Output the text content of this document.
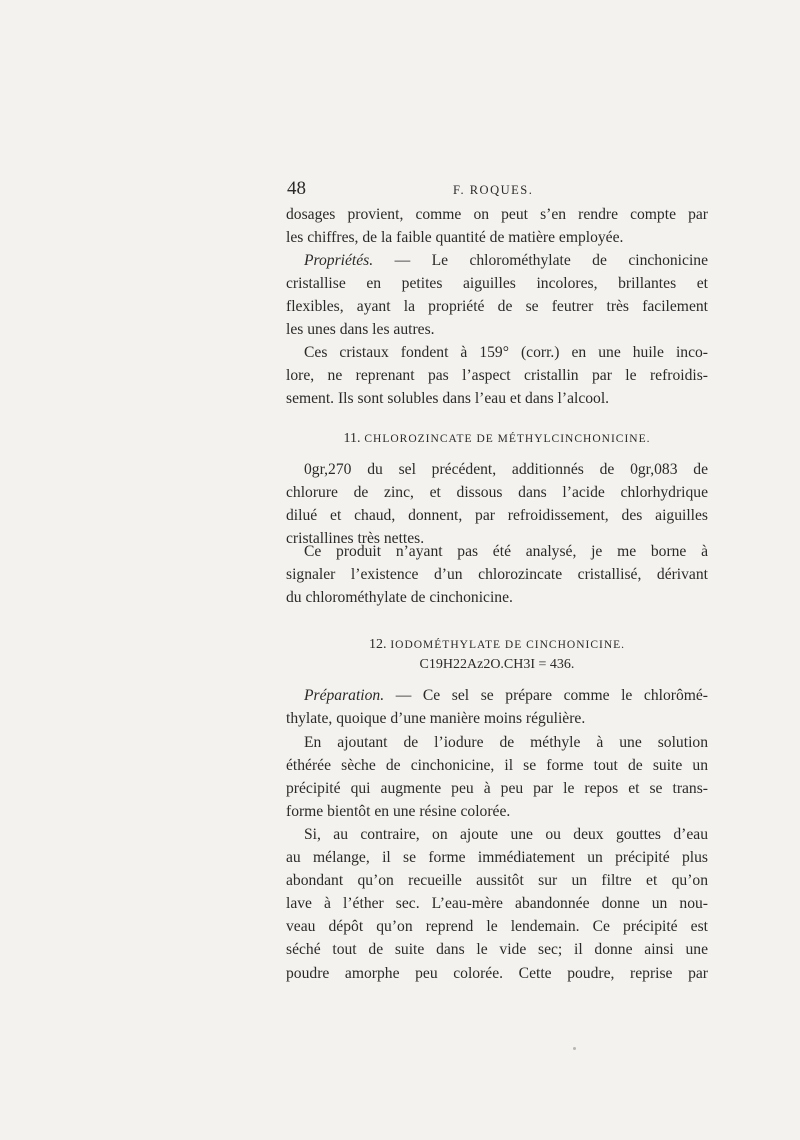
48	F. ROQUES.
dosages provient, comme on peut s’en rendre compte par
les chiffres, de la faible quantité de matière employée.
Propriétés. — Le chlorométhylate de cinchonicine
cristallise en petites aiguilles incolores, brillantes et
flexibles, ayant la propriété de se feutrer très facilement
les unes dans les autres.
Ces cristaux fondent à 159° (corr.) en une huile inco-
lore, ne reprenant pas l’aspect cristallin par le refroidis-
sement. Ils sont solubles dans l’eau et dans l’alcool.
11. CHLOROZINCATE DE MÉTHYLCINCHONICINE.
0gr,270 du sel précédent, additionnés de 0gr,083 de
chlorure de zinc, et dissous dans l’acide chlorhydrique
dilué et chaud, donnent, par refroidissement, des aiguilles
cristallines très nettes.
Ce produit n’ayant pas été analysé, je me borne à
signaler l’existence d’un chlorozincate cristallisé, dérivant
du chlorométhylate de cinchonicine.
12. IODOMÉTHYLATE DE CINCHONICINE.
C19H22Az2O.CH3I = 436.
Préparation. — Ce sel se prépare comme le chlorômé-
thylate, quoique d’une manière moins régulière.
En ajoutant de l’iodure de méthyle à une solution
éthérée sèche de cinchonicine, il se forme tout de suite un
précipité qui augmente peu à peu par le repos et se trans-
forme bientôt en une résine colorée.
Si, au contraire, on ajoute une ou deux gouttes d’eau
au mélange, il se forme immédiatement un précipité plus
abondant qu’on recueille aussitôt sur un filtre et qu’on
lave à l’éther sec. L’eau-mère abandonnée donne un nou-
veau dépôt qu’on reprend le lendemain. Ce précipité est
séché tout de suite dans le vide sec; il donne ainsi une
poudre amorphe peu colorée. Cette poudre, reprise par
